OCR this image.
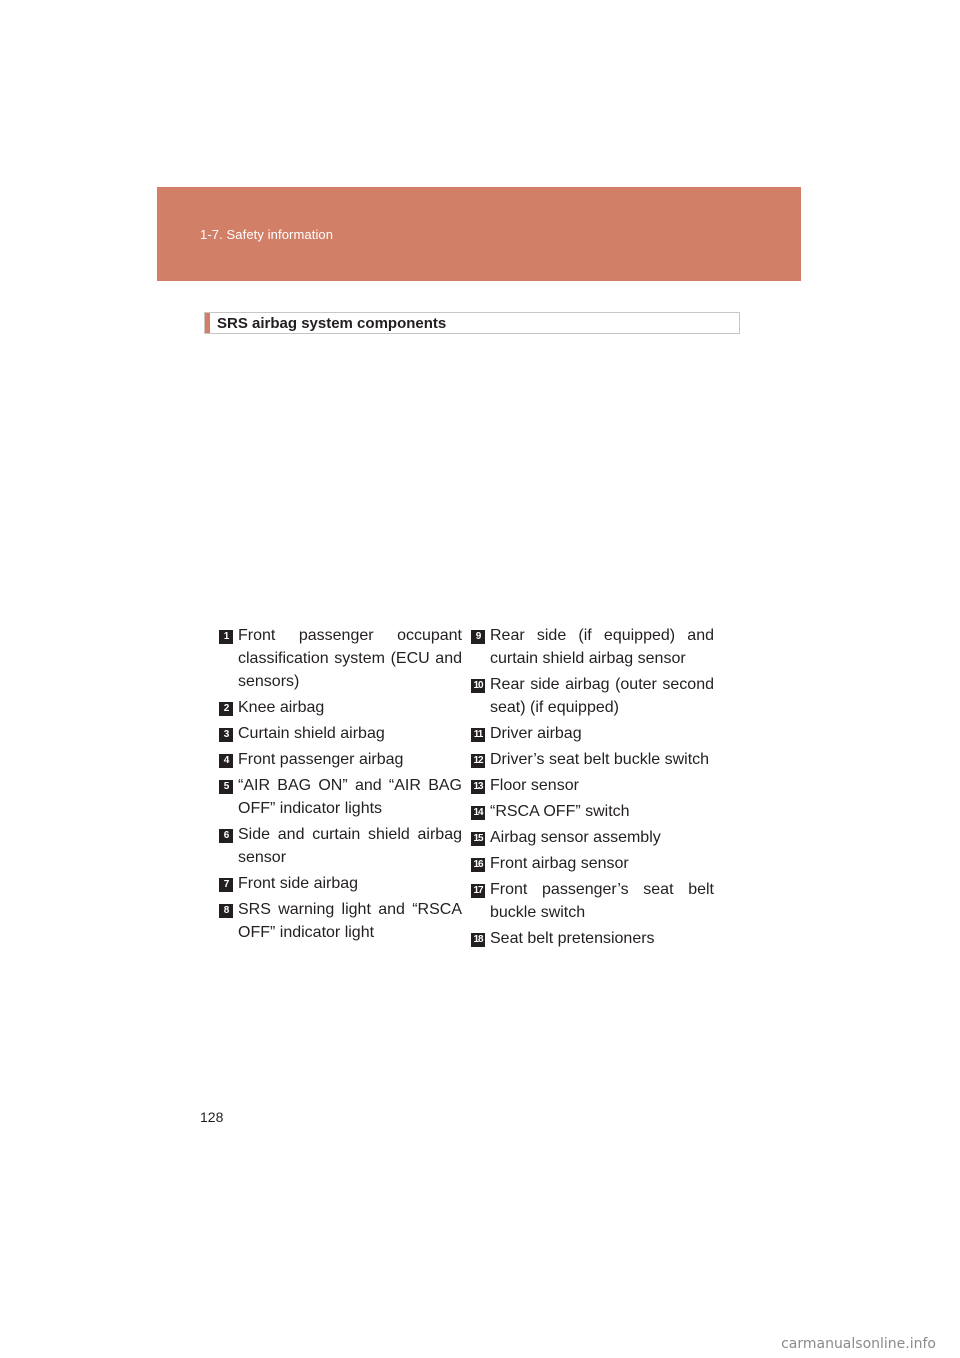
1-7. Safety information
SRS airbag system components
1 Front passenger occupant classification system (ECU and sensors)
2 Knee airbag
3 Curtain shield airbag
4 Front passenger airbag
5 “AIR BAG ON” and “AIR BAG OFF” indicator lights
6 Side and curtain shield airbag sensor
7 Front side airbag
8 SRS warning light and “RSCA OFF” indicator light
9 Rear side (if equipped) and curtain shield airbag sensor
10 Rear side airbag (outer second seat) (if equipped)
11 Driver airbag
12 Driver’s seat belt buckle switch
13 Floor sensor
14 “RSCA OFF” switch
15 Airbag sensor assembly
16 Front airbag sensor
17 Front passenger’s seat belt buckle switch
18 Seat belt pretensioners
128
carmanualsonline.info
